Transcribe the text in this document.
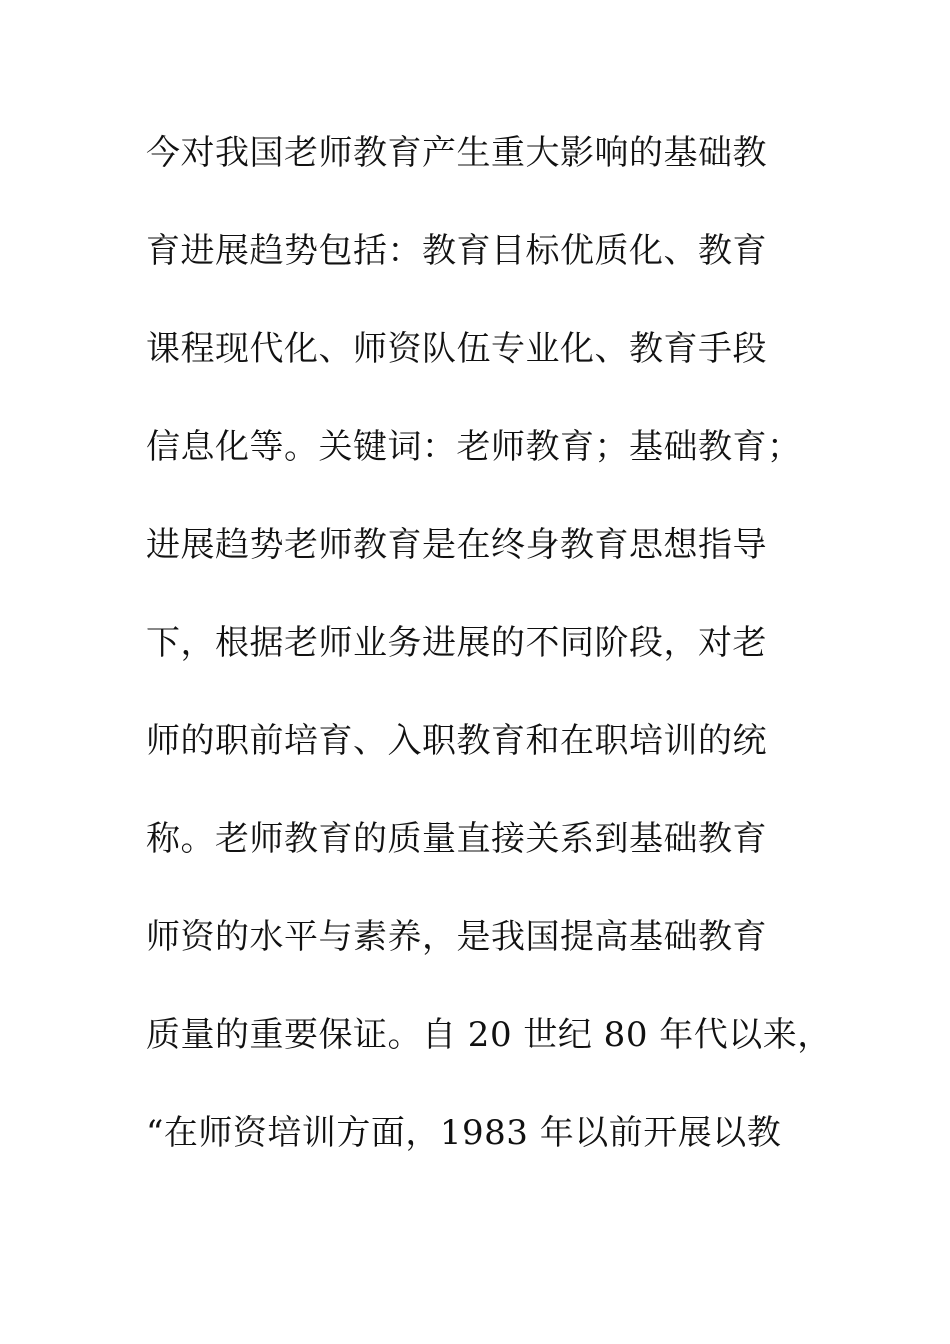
今对我国老师教育产生重大影响的基础教
育进展趋势包括：教育目标优质化、教育
课程现代化、师资队伍专业化、教育手段
信息化等。关键词：老师教育；基础教育；
进展趋势老师教育是在终身教育思想指导
下，根据老师业务进展的不同阶段，对老
师的职前培育、入职教育和在职培训的统
称。老师教育的质量直接关系到基础教育
师资的水平与素养，是我国提高基础教育
质量的重要保证。自 20 世纪 80 年代以来，
“在师资培训方面，1983 年以前开展以教
